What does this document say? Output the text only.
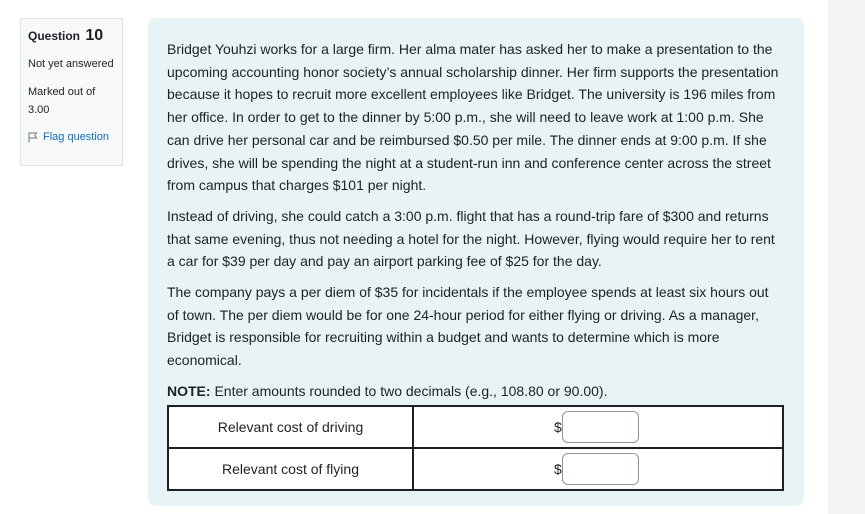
Question 10
Not yet answered
Marked out of 3.00
Flag question

Bridget Youhzi works for a large firm. Her alma mater has asked her to make a presentation to the upcoming accounting honor society’s annual scholarship dinner. Her firm supports the presentation because it hopes to recruit more excellent employees like Bridget. The university is 196 miles from her office. In order to get to the dinner by 5:00 p.m., she will need to leave work at 1:00 p.m. She can drive her personal car and be reimbursed $0.50 per mile. The dinner ends at 9:00 p.m. If she drives, she will be spending the night at a student-run inn and conference center across the street from campus that charges $101 per night.

Instead of driving, she could catch a 3:00 p.m. flight that has a round-trip fare of $300 and returns that same evening, thus not needing a hotel for the night. However, flying would require her to rent a car for $39 per day and pay an airport parking fee of $25 for the day.

The company pays a per diem of $35 for incidentals if the employee spends at least six hours out of town. The per diem would be for one 24-hour period for either flying or driving. As a manager, Bridget is responsible for recruiting within a budget and wants to determine which is more economical.

NOTE: Enter amounts rounded to two decimals (e.g., 108.80 or 90.00).

Relevant cost of driving	$

Relevant cost of flying	$
